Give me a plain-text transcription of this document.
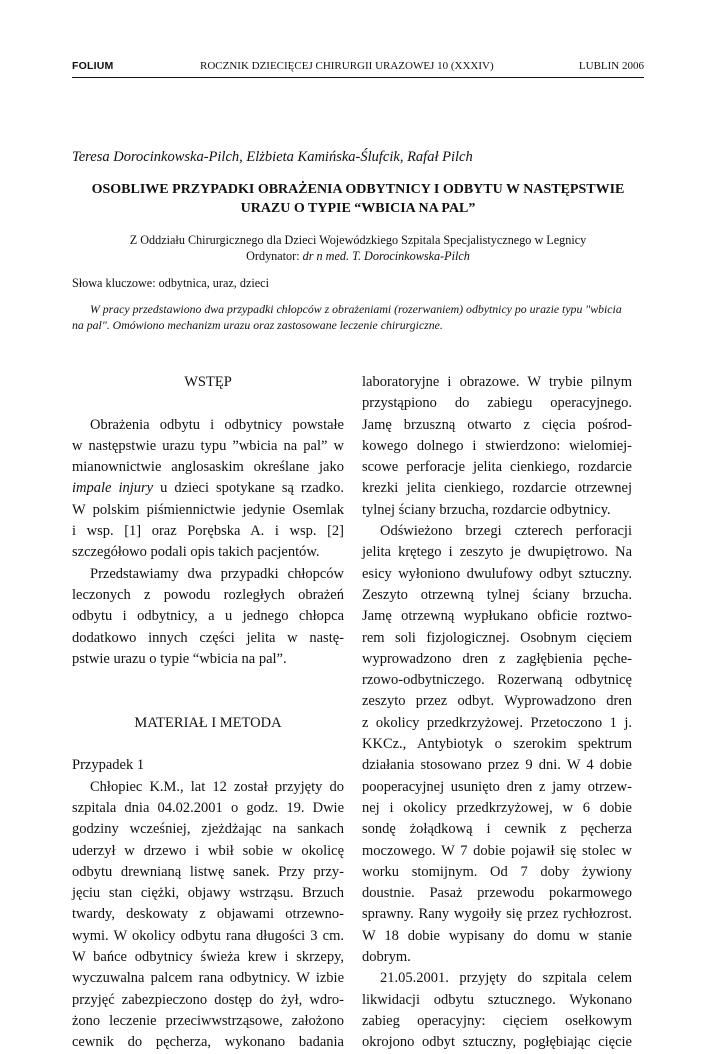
FOLIUM	ROCZNIK DZIECIĘCEJ CHIRURGII URAZOWEJ 10 (XXXIV)	LUBLIN 2006
Teresa Dorocinkowska-Pilch, Elżbieta Kamińska-Ślufcik, Rafał Pilch
OSOBLIWE PRZYPADKI OBRAŻENIA ODBYTNICY I ODBYTU W NASTĘPSTWIE
URAZU O TYPIE “WBICIA NA PAL”
Z Oddziału Chirurgicznego dla Dzieci Wojewódzkiego Szpitala Specjalistycznego w Legnicy
Ordynator: dr n med. T. Dorocinkowska-Pilch
Słowa kluczowe: odbytnica, uraz, dzieci
W pracy przedstawiono dwa przypadki chłopców z obrażeniami (rozerwaniem) odbytnicy po urazie typu "wbicia
na pal". Omówiono mechanizm urazu oraz zastosowane leczenie chirurgiczne.
WSTĘP
Obrażenia odbytu i odbytnicy powstałe
w następstwie urazu typu ”wbicia na pal” w
mianownictwie anglosaskim określane jako
impale injury u dzieci spotykane są rzadko.
W polskim piśmiennictwie jedynie Osemlak
i wsp. [1] oraz Porębska A. i wsp. [2]
szczegółowo podali opis takich pacjentów.
Przedstawiamy dwa przypadki chłopców
leczonych z powodu rozległych obrażeń
odbytu i odbytnicy, a u jednego chłopca
dodatkowo innych części jelita w nastę-
pstwie urazu o typie “wbicia na pal”.
MATERIAŁ I METODA
Przypadek 1
Chłopiec K.M., lat 12 został przyjęty do
szpitala dnia 04.02.2001 o godz. 19. Dwie
godziny wcześniej, zjeżdżając na sankach
uderzył w drzewo i wbił sobie w okolicę
odbytu drewnianą listwę sanek. Przy przy-
jęciu stan ciężki, objawy wstrząsu. Brzuch
twardy, deskowaty z objawami otrzewno-
wymi. W okolicy odbytu rana długości 3 cm.
W bańce odbytnicy świeża krew i skrzepy,
wyczuwalna palcem rana odbytnicy. W izbie
przyjęć zabezpieczono dostęp do żył, wdro-
żono leczenie przeciwwstrząsowe, założono
cewnik do pęcherza, wykonano badania
laboratoryjne i obrazowe. W trybie pilnym
przystąpiono do zabiegu operacyjnego.
Jamę brzuszną otwarto z cięcia pośrod-
kowego dolnego i stwierdzono: wielomiej-
scowe perforacje jelita cienkiego, rozdarcie
krezki jelita cienkiego, rozdarcie otrzewnej
tylnej ściany brzucha, rozdarcie odbytnicy.
Odświeżono brzegi czterech perforacji
jelita krętego i zeszyto je dwupiętrowo. Na
esicy wyłoniono dwulufowy odbyt sztuczny.
Zeszyto otrzewną tylnej ściany brzucha.
Jamę otrzewną wypłukano obficie roztwo-
rem soli fizjologicznej. Osobnym cięciem
wyprowadzono dren z zagłębienia pęche-
rzowo-odbytniczego. Rozerwaną odbytnicę
zeszyto przez odbyt. Wyprowadzono dren
z okolicy przedkrzyżowej. Przetoczono 1 j.
KKCz., Antybiotyk o szerokim spektrum
działania stosowano przez 9 dni. W 4 dobie
pooperacyjnej usunięto dren z jamy otrzew-
nej i okolicy przedkrzyżowej, w 6 dobie
sondę żołądkową i cewnik z pęcherza
moczowego. W 7 dobie pojawił się stolec w
worku stomijnym. Od 7 doby żywiony
doustnie. Pasaż przewodu pokarmowego
sprawny. Rany wygoiły się przez rychłozrost.
W 18 dobie wypisany do domu w stanie
dobrym.
21.05.2001. przyjęty do szpitala celem
likwidacji odbytu sztucznego. Wykonano
zabieg operacyjny: cięciem osełkowym
okrojono odbyt sztuczny, pogłębiając cięcie
